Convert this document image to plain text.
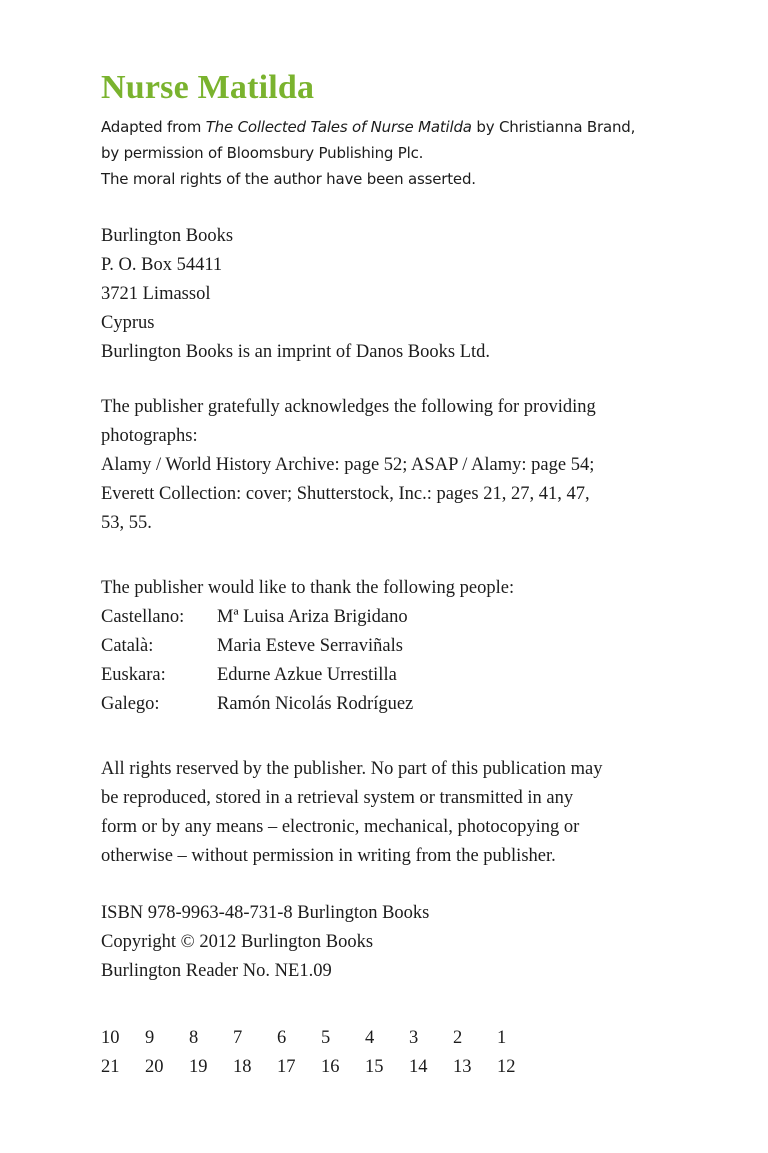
Nurse Matilda
Adapted from The Collected Tales of Nurse Matilda by Christianna Brand,
by permission of Bloomsbury Publishing Plc.
The moral rights of the author have been asserted.
Burlington Books
P. O. Box 54411
3721 Limassol
Cyprus
Burlington Books is an imprint of Danos Books Ltd.
The publisher gratefully acknowledges the following for providing
photographs:
Alamy / World History Archive: page 52; ASAP / Alamy: page 54;
Everett Collection: cover; Shutterstock, Inc.: pages 21, 27, 41, 47,
53, 55.
The publisher would like to thank the following people:
Castellano:	Mª Luisa Ariza Brigidano
Català:	Maria Esteve Serraviñals
Euskara:	Edurne Azkue Urrestilla
Galego:	Ramón Nicolás Rodríguez
All rights reserved by the publisher. No part of this publication may
be reproduced, stored in a retrieval system or transmitted in any
form or by any means – electronic, mechanical, photocopying or
otherwise – without permission in writing from the publisher.
ISBN 978-9963-48-731-8 Burlington Books
Copyright © 2012 Burlington Books
Burlington Reader No. NE1.09
10	9	8	7	6	5	4	3	2	1
21	20	19	18	17	16	15	14	13	12
